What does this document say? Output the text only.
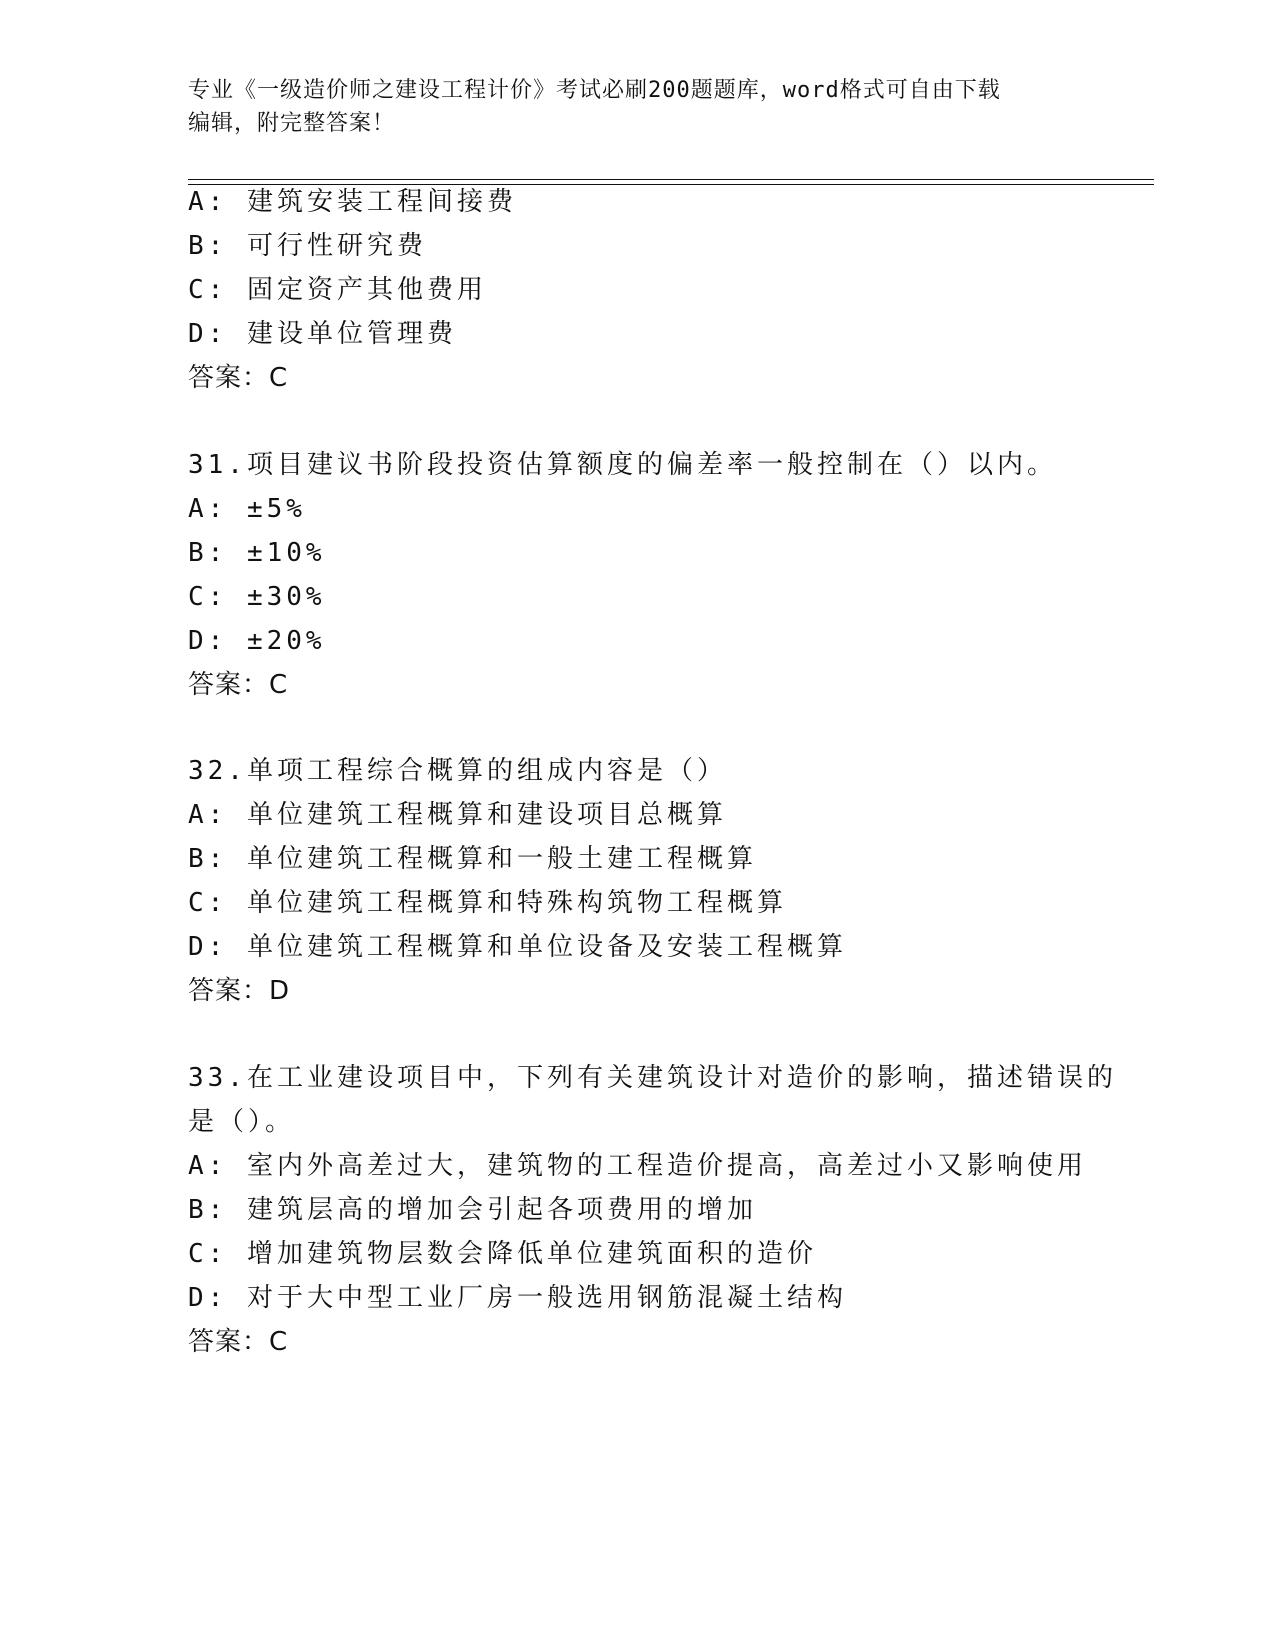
专业《一级造价师之建设工程计价》考试必刷200题题库，word格式可自由下载
编辑，附完整答案！
A: 建筑安装工程间接费
B: 可行性研究费
C: 固定资产其他费用
D: 建设单位管理费
答案：C
31.项目建议书阶段投资估算额度的偏差率一般控制在（）以内。
A: ±5%
B: ±10%
C: ±30%
D: ±20%
答案：C
32.单项工程综合概算的组成内容是（）
A: 单位建筑工程概算和建设项目总概算
B: 单位建筑工程概算和一般土建工程概算
C: 单位建筑工程概算和特殊构筑物工程概算
D: 单位建筑工程概算和单位设备及安装工程概算
答案：D
33.在工业建设项目中，下列有关建筑设计对造价的影响，描述错误的
是（）。
A: 室内外高差过大，建筑物的工程造价提高，高差过小又影响使用
B: 建筑层高的增加会引起各项费用的增加
C: 增加建筑物层数会降低单位建筑面积的造价
D: 对于大中型工业厂房一般选用钢筋混凝土结构
答案：C
